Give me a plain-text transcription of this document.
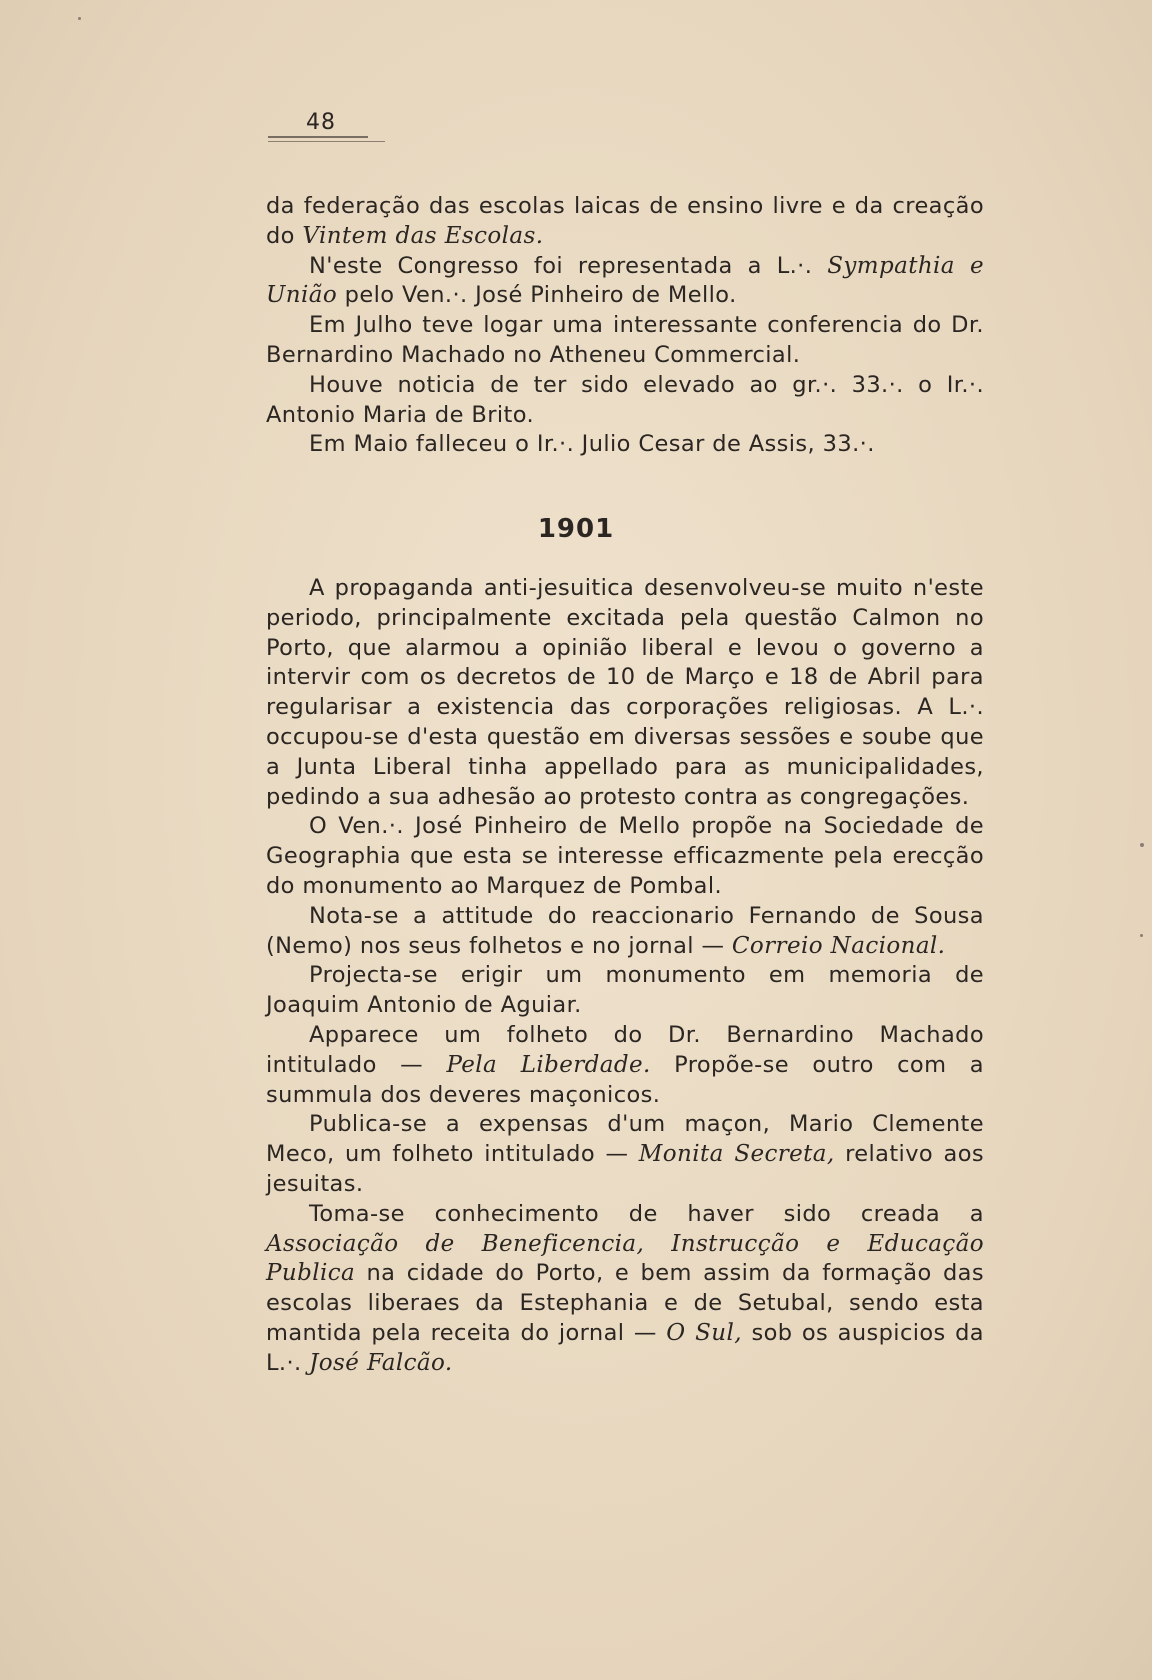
48

da federação das escolas laicas de ensino livre e da creação do Vintem das Escolas.

N'este Congresso foi representada a L.·. Sympathia e União pelo Ven.·. José Pinheiro de Mello.

Em Julho teve logar uma interessante conferencia do Dr. Bernardino Machado no Atheneu Commercial.

Houve noticia de ter sido elevado ao gr.·. 33.·. o Ir.·. Antonio Maria de Brito.

Em Maio falleceu o Ir.·. Julio Cesar de Assis, 33.·.

1901

A propaganda anti-jesuitica desenvolveu-se muito n'este periodo, principalmente excitada pela questão Calmon no Porto, que alarmou a opinião liberal e levou o governo a intervir com os decretos de 10 de Março e 18 de Abril para regularisar a existencia das corporações religiosas. A L.·. occupou-se d'esta questão em diversas sessões e soube que a Junta Liberal tinha appellado para as municipalidades, pedindo a sua adhesão ao protesto contra as congregações.

O Ven.·. José Pinheiro de Mello propõe na Sociedade de Geographia que esta se interesse efficazmente pela erecção do monumento ao Marquez de Pombal.

Nota-se a attitude do reaccionario Fernando de Sousa (Nemo) nos seus folhetos e no jornal — Correio Nacional.

Projecta-se erigir um monumento em memoria de Joaquim Antonio de Aguiar.

Apparece um folheto do Dr. Bernardino Machado intitulado — Pela Liberdade. Propõe-se outro com a summula dos deveres maçonicos.

Publica-se a expensas d'um maçon, Mario Clemente Meco, um folheto intitulado — Monita Secreta, relativo aos jesuitas.

Toma-se conhecimento de haver sido creada a Associação de Beneficencia, Instrucção e Educação Publica na cidade do Porto, e bem assim da formação das escolas liberaes da Estephania e de Setubal, sendo esta mantida pela receita do jornal — O Sul, sob os auspicios da L.·. José Falcão.
